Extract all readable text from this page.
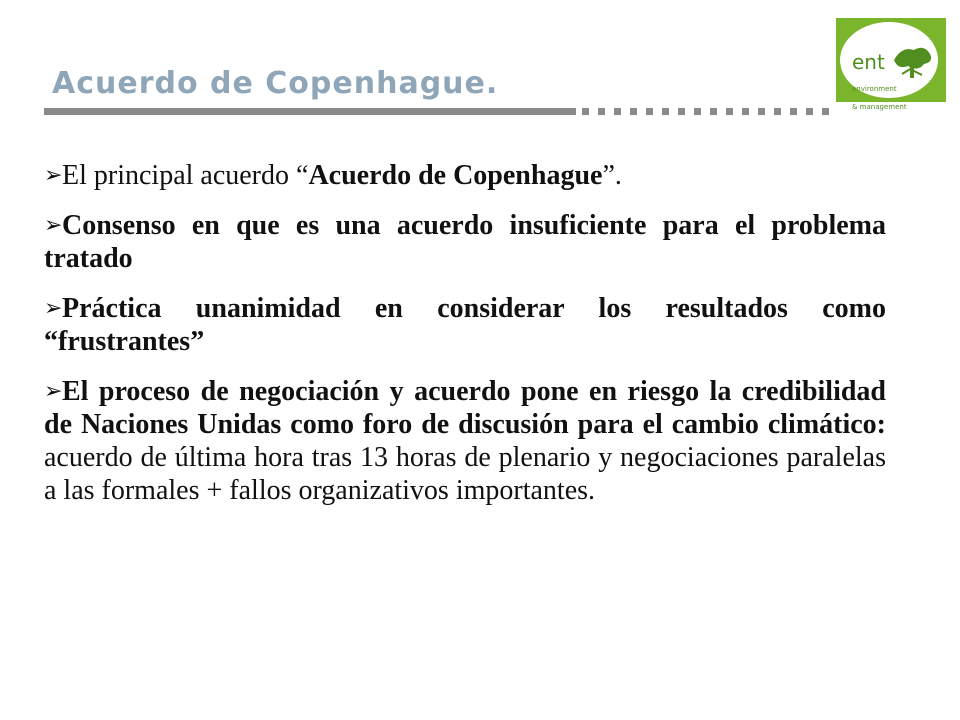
Acuerdo de Copenhague.
ent

environment

& management

➢El principal acuerdo “Acuerdo de Copenhague”.

➢Consenso en que es una acuerdo insuficiente para el problema tratado

➢Práctica unanimidad en considerar los resultados como “frustrantes”

➢El proceso de negociación y acuerdo pone en riesgo la credibilidad de Naciones Unidas como foro de discusión para el cambio climático: acuerdo de última hora tras 13 horas de plenario y negociaciones paralelas a las formales + fallos organizativos importantes.
